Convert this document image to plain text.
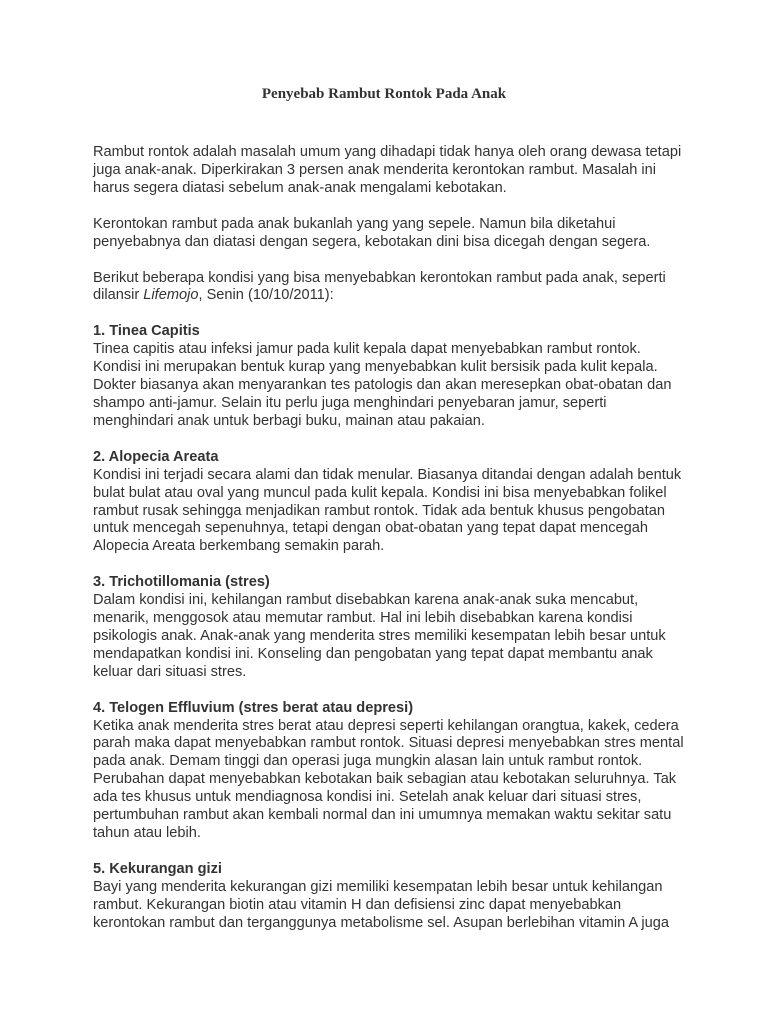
Penyebab Rambut Rontok Pada Anak

Rambut rontok adalah masalah umum yang dihadapi tidak hanya oleh orang dewasa tetapi
juga anak-anak. Diperkirakan 3 persen anak menderita kerontokan rambut. Masalah ini
harus segera diatasi sebelum anak-anak mengalami kebotakan.

Kerontokan rambut pada anak bukanlah yang yang sepele. Namun bila diketahui
penyebabnya dan diatasi dengan segera, kebotakan dini bisa dicegah dengan segera.

Berikut beberapa kondisi yang bisa menyebabkan kerontokan rambut pada anak, seperti
dilansir Lifemojo, Senin (10/10/2011):

1. Tinea Capitis
Tinea capitis atau infeksi jamur pada kulit kepala dapat menyebabkan rambut rontok.
Kondisi ini merupakan bentuk kurap yang menyebabkan kulit bersisik pada kulit kepala.
Dokter biasanya akan menyarankan tes patologis dan akan meresepkan obat-obatan dan
shampo anti-jamur. Selain itu perlu juga menghindari penyebaran jamur, seperti
menghindari anak untuk berbagi buku, mainan atau pakaian.

2. Alopecia Areata
Kondisi ini terjadi secara alami dan tidak menular. Biasanya ditandai dengan adalah bentuk
bulat bulat atau oval yang muncul pada kulit kepala. Kondisi ini bisa menyebabkan folikel
rambut rusak sehingga menjadikan rambut rontok. Tidak ada bentuk khusus pengobatan
untuk mencegah sepenuhnya, tetapi dengan obat-obatan yang tepat dapat mencegah
Alopecia Areata berkembang semakin parah.

3. Trichotillomania (stres)
Dalam kondisi ini, kehilangan rambut disebabkan karena anak-anak suka mencabut,
menarik, menggosok atau memutar rambut. Hal ini lebih disebabkan karena kondisi
psikologis anak. Anak-anak yang menderita stres memiliki kesempatan lebih besar untuk
mendapatkan kondisi ini. Konseling dan pengobatan yang tepat dapat membantu anak
keluar dari situasi stres.

4. Telogen Effluvium (stres berat atau depresi)
Ketika anak menderita stres berat atau depresi seperti kehilangan orangtua, kakek, cedera
parah maka dapat menyebabkan rambut rontok. Situasi depresi menyebabkan stres mental
pada anak. Demam tinggi dan operasi juga mungkin alasan lain untuk rambut rontok.
Perubahan dapat menyebabkan kebotakan baik sebagian atau kebotakan seluruhnya. Tak
ada tes khusus untuk mendiagnosa kondisi ini. Setelah anak keluar dari situasi stres,
pertumbuhan rambut akan kembali normal dan ini umumnya memakan waktu sekitar satu
tahun atau lebih.

5. Kekurangan gizi
Bayi yang menderita kekurangan gizi memiliki kesempatan lebih besar untuk kehilangan
rambut. Kekurangan biotin atau vitamin H dan defisiensi zinc dapat menyebabkan
kerontokan rambut dan terganggunya metabolisme sel. Asupan berlebihan vitamin A juga
